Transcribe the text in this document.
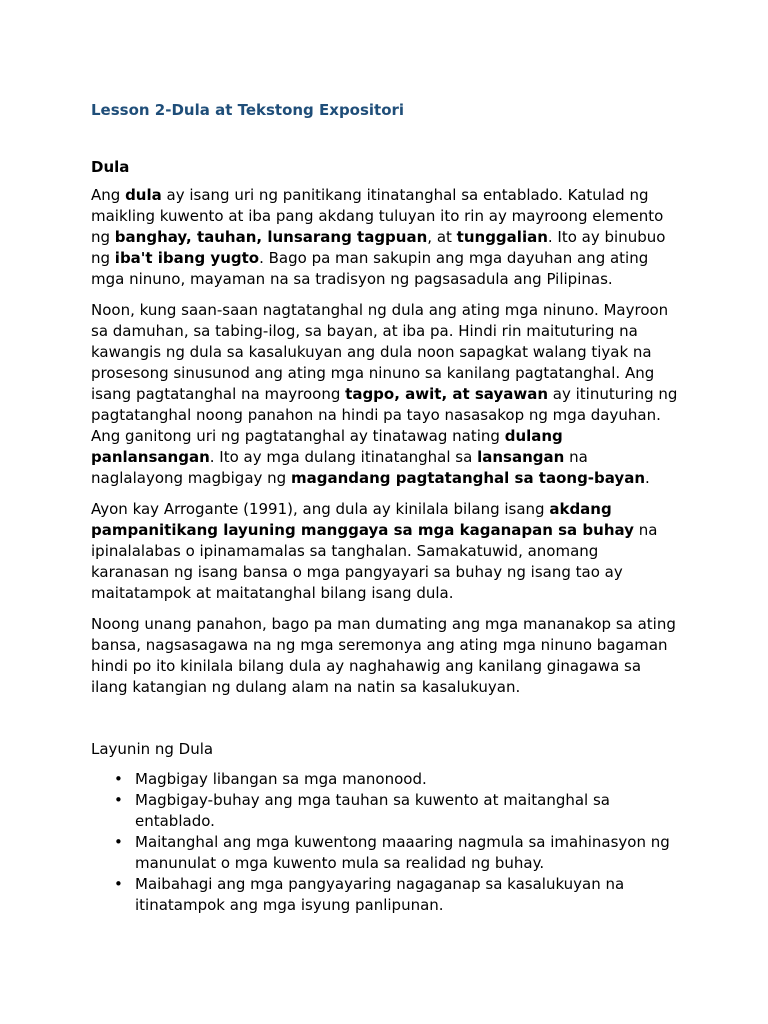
Lesson 2-Dula at Tekstong Expositori
Dula

Ang dula ay isang uri ng panitikang itinatanghal sa entablado. Katulad ng maikling kuwento at iba pang akdang tuluyan ito rin ay mayroong elemento ng banghay, tauhan, lunsarang tagpuan, at tunggalian. Ito ay binubuo ng iba't ibang yugto. Bago pa man sakupin ang mga dayuhan ang ating mga ninuno, mayaman na sa tradisyon ng pagsasadula ang Pilipinas.

Noon, kung saan-saan nagtatanghal ng dula ang ating mga ninuno. Mayroon sa damuhan, sa tabing-ilog, sa bayan, at iba pa. Hindi rin maituturing na kawangis ng dula sa kasalukuyan ang dula noon sapagkat walang tiyak na prosesong sinusunod ang ating mga ninuno sa kanilang pagtatanghal. Ang isang pagtatanghal na mayroong tagpo, awit, at sayawan ay itinuturing ng pagtatanghal noong panahon na hindi pa tayo nasasakop ng mga dayuhan. Ang ganitong uri ng pagtatanghal ay tinatawag nating dulang panlansangan. Ito ay mga dulang itinatanghal sa lansangan na naglalayong magbigay ng magandang pagtatanghal sa taong-bayan.

Ayon kay Arrogante (1991), ang dula ay kinilala bilang isang akdang pampanitikang layuning manggaya sa mga kaganapan sa buhay na ipinalalabas o ipinamamalas sa tanghalan. Samakatuwid, anomang karanasan ng isang bansa o mga pangyayari sa buhay ng isang tao ay maitatampok at maitatanghal bilang isang dula.

Noong unang panahon, bago pa man dumating ang mga mananakop sa ating bansa, nagsasagawa na ng mga seremonya ang ating mga ninuno bagaman hindi po ito kinilala bilang dula ay naghahawig ang kanilang ginagawa sa ilang katangian ng dulang alam na natin sa kasalukuyan.

Layunin ng Dula
• Magbigay libangan sa mga manonood.
• Magbigay-buhay ang mga tauhan sa kuwento at maitanghal sa entablado.
• Maitanghal ang mga kuwentong maaaring nagmula sa imahinasyon ng manunulat o mga kuwento mula sa realidad ng buhay.
• Maibahagi ang mga pangyayaring nagaganap sa kasalukuyan na itinatampok ang mga isyung panlipunan.
